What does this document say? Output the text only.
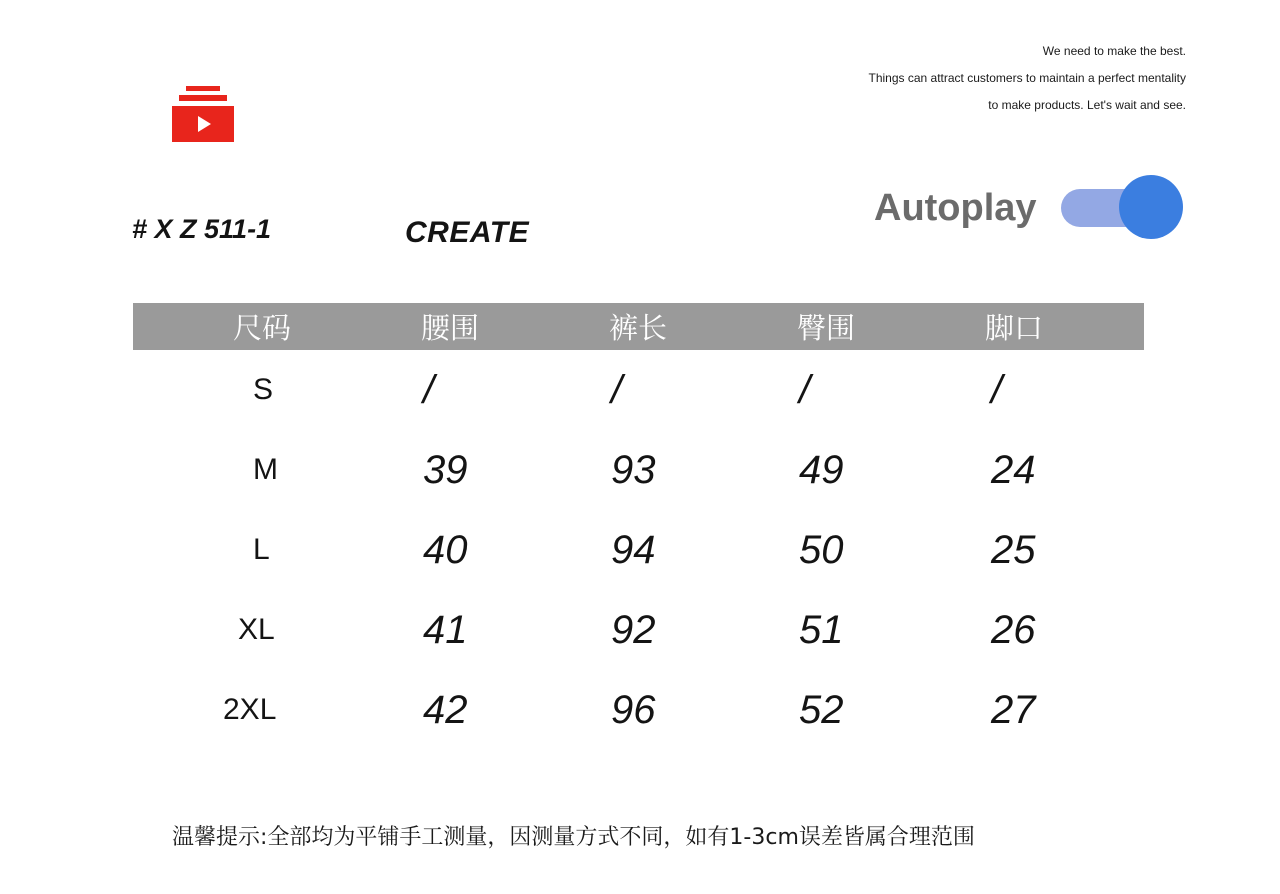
We need to make the best.
Things can attract customers to maintain a perfect mentality
to make products. Let's wait and see.
# X Z 511-1	CREATE
Autoplay
尺码	腰围	裤长	臀围	脚口
S	/	/	/	/
M	39	93	49	24
L	40	94	50	25
XL	41	92	51	26
2XL	42	96	52	27
温馨提示:全部均为平铺手工测量，因测量方式不同，如有1-3cm误差皆属合理范围
